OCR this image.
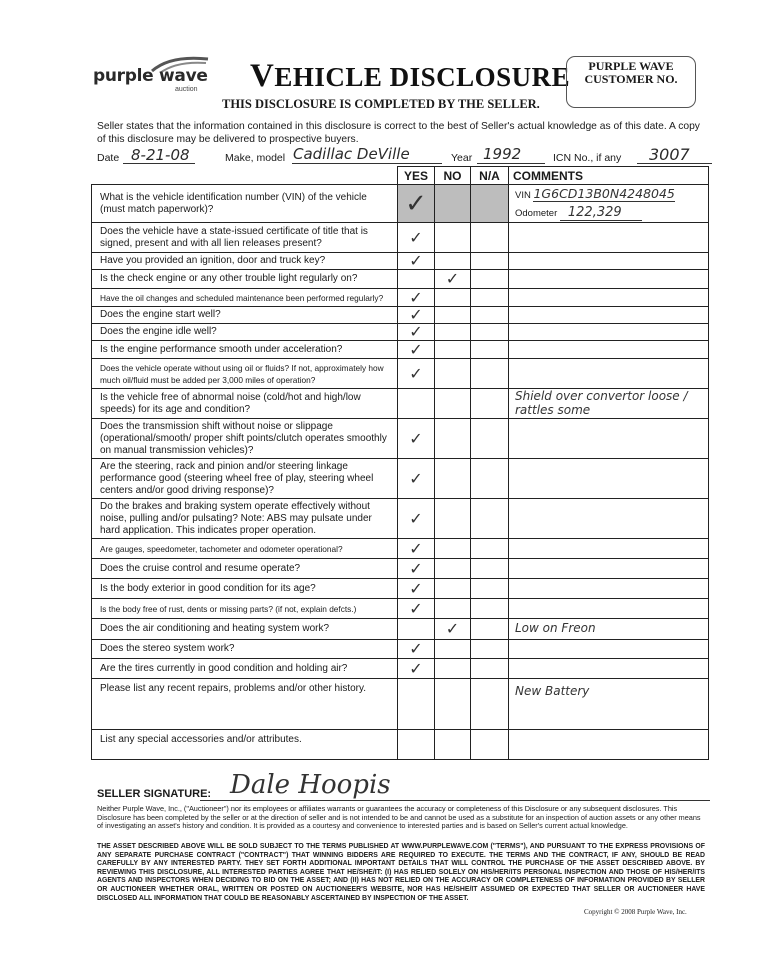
purple wave
auction VEHICLE DISCLOSURE
THIS DISCLOSURE IS COMPLETED BY THE SELLER.
PURPLE WAVE
CUSTOMER NO.
Seller states that the information contained in this disclosure is correct to the best of Seller's actual knowledge as of this date. A copy of this disclosure may be delivered to prospective buyers.
Date 8-21-08	Make, model Cadillac DeVille	Year 1992	ICN No., if any 3007
	YES	NO	N/A	COMMENTS
What is the vehicle identification number (VIN) of the vehicle (must match paperwork)?	✓			VIN 1G6CD13B0N4248045
Odometer 122,329

Does the vehicle have a state-issued certificate of title that is signed, present and with all lien releases present?	✓			

Have you provided an ignition, door and truck key?	✓			

Is the check engine or any other trouble light regularly on?		✓		

Have the oil changes and scheduled maintenance been performed regularly?	✓			

Does the engine start well?	✓			

Does the engine idle well?	✓			

Is the engine performance smooth under acceleration?	✓			

Does the vehicle operate without using oil or fluids? If not, approximately how much oil/fluid must be added per 3,000 miles of operation?	✓			

Is the vehicle free of abnormal noise (cold/hot and high/low speeds) for its age and condition?				Shield over convertor loose / rattles some
Does the transmission shift without noise or slippage (operational/smooth/ proper shift points/clutch operates smoothly on manual transmission vehicles)?	✓			

Are the steering, rack and pinion and/or steering linkage performance good (steering wheel free of play, steering wheel centers and/or good driving response)?	✓			

Do the brakes and braking system operate effectively without noise, pulling and/or pulsating? Note: ABS may pulsate under hard application. This indicates proper operation.	✓			

Are gauges, speedometer, tachometer and odometer operational?	✓			

Does the cruise control and resume operate?	✓			

Is the body exterior in good condition for its age?	✓			

Is the body free of rust, dents or missing parts? (if not, explain defcts.)	✓			

Does the air conditioning and heating system work?		✓		Low on Freon
Does the stereo system work?	✓			

Are the tires currently in good condition and holding air?	✓			

Please list any recent repairs, problems and/or other history.				New Battery
List any special accessories and/or attributes.				
SELLER SIGNATURE: Dale Hoopis
Neither Purple Wave, Inc., ("Auctioneer") nor its employees or affiliates warrants or guarantees the accuracy or completeness of this Disclosure or any subsequent disclosures. This Disclosure has been completed by the seller or at the direction of seller and is not intended to be and cannot be used as a substitute for an inspection of auction assets or any other means of investigating an asset's history and condition. It is provided as a courtesy and convenience to interested parties and is based on Seller's current actual knowledge.
THE ASSET DESCRIBED ABOVE WILL BE SOLD SUBJECT TO THE TERMS PUBLISHED AT WWW.PURPLEWAVE.COM ("TERMS"), AND PURSUANT TO THE EXPRESS PROVISIONS OF ANY SEPARATE PURCHASE CONTRACT ("CONTRACT") THAT WINNING BIDDERS ARE REQUIRED TO EXECUTE. THE TERMS AND THE CONTRACT, IF ANY, SHOULD BE READ CAREFULLY BY ANY INTERESTED PARTY. THEY SET FORTH ADDITIONAL IMPORTANT DETAILS THAT WILL CONTROL THE PURCHASE OF THE ASSET DESCRIBED ABOVE. BY REVIEWING THIS DISCLOSURE, ALL INTERESTED PARTIES AGREE THAT HE/SHE/IT: (I) HAS RELIED SOLELY ON HIS/HER/ITS PERSONAL INSPECTION AND THOSE OF HIS/HER/ITS AGENTS AND INSPECTORS WHEN DECIDING TO BID ON THE ASSET; AND (II) HAS NOT RELIED ON THE ACCURACY OR COMPLETENESS OF INFORMATION PROVIDED BY SELLER OR AUCTIONEER WHETHER ORAL, WRITTEN OR POSTED ON AUCTIONEER'S WEBSITE, NOR HAS HE/SHE/IT ASSUMED OR EXPECTED THAT SELLER OR AUCTIONEER HAVE DISCLOSED ALL INFORMATION THAT COULD BE REASONABLY ASCERTAINED BY INSPECTION OF THE ASSET.
Copyright © 2008 Purple Wave, Inc.
